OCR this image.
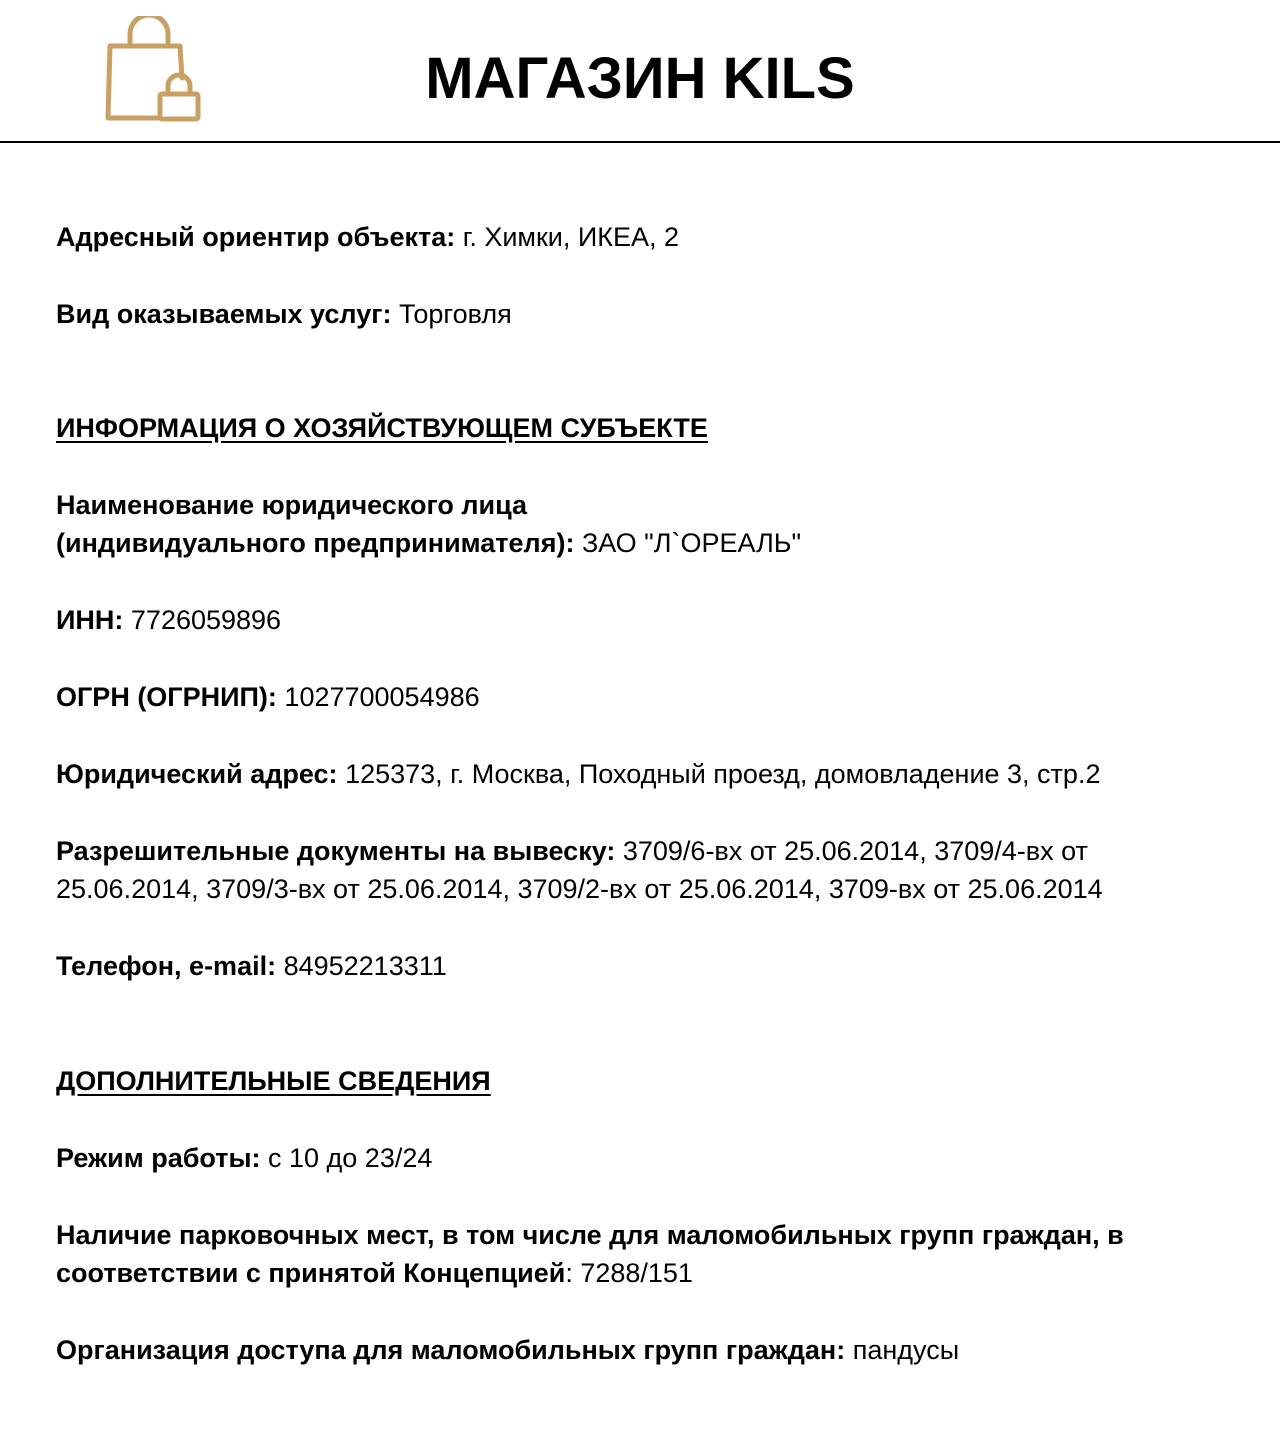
МАГАЗИН KILS
Адресный ориентир объекта: г. Химки, ИКЕА, 2
Вид оказываемых услуг: Торговля
ИНФОРМАЦИЯ О ХОЗЯЙСТВУЮЩЕМ СУБЪЕКТЕ
Наименование юридического лица
(индивидуального предпринимателя): ЗАО "Л`ОРЕАЛЬ"
ИНН: 7726059896
ОГРН (ОГРНИП): 1027700054986
Юридический адрес: 125373, г. Москва, Походный проезд, домовладение 3, стр.2
Разрешительные документы на вывеску: 3709/6-вх от 25.06.2014, 3709/4-вх от
25.06.2014, 3709/3-вх от 25.06.2014, 3709/2-вх от 25.06.2014, 3709-вх от 25.06.2014
Телефон, e-mail: 84952213311
ДОПОЛНИТЕЛЬНЫЕ СВЕДЕНИЯ
Режим работы: с 10 до 23/24
Наличие парковочных мест, в том числе для маломобильных групп граждан, в
соответствии с принятой Концепцией: 7288/151
Организация доступа для маломобильных групп граждан: пандусы
